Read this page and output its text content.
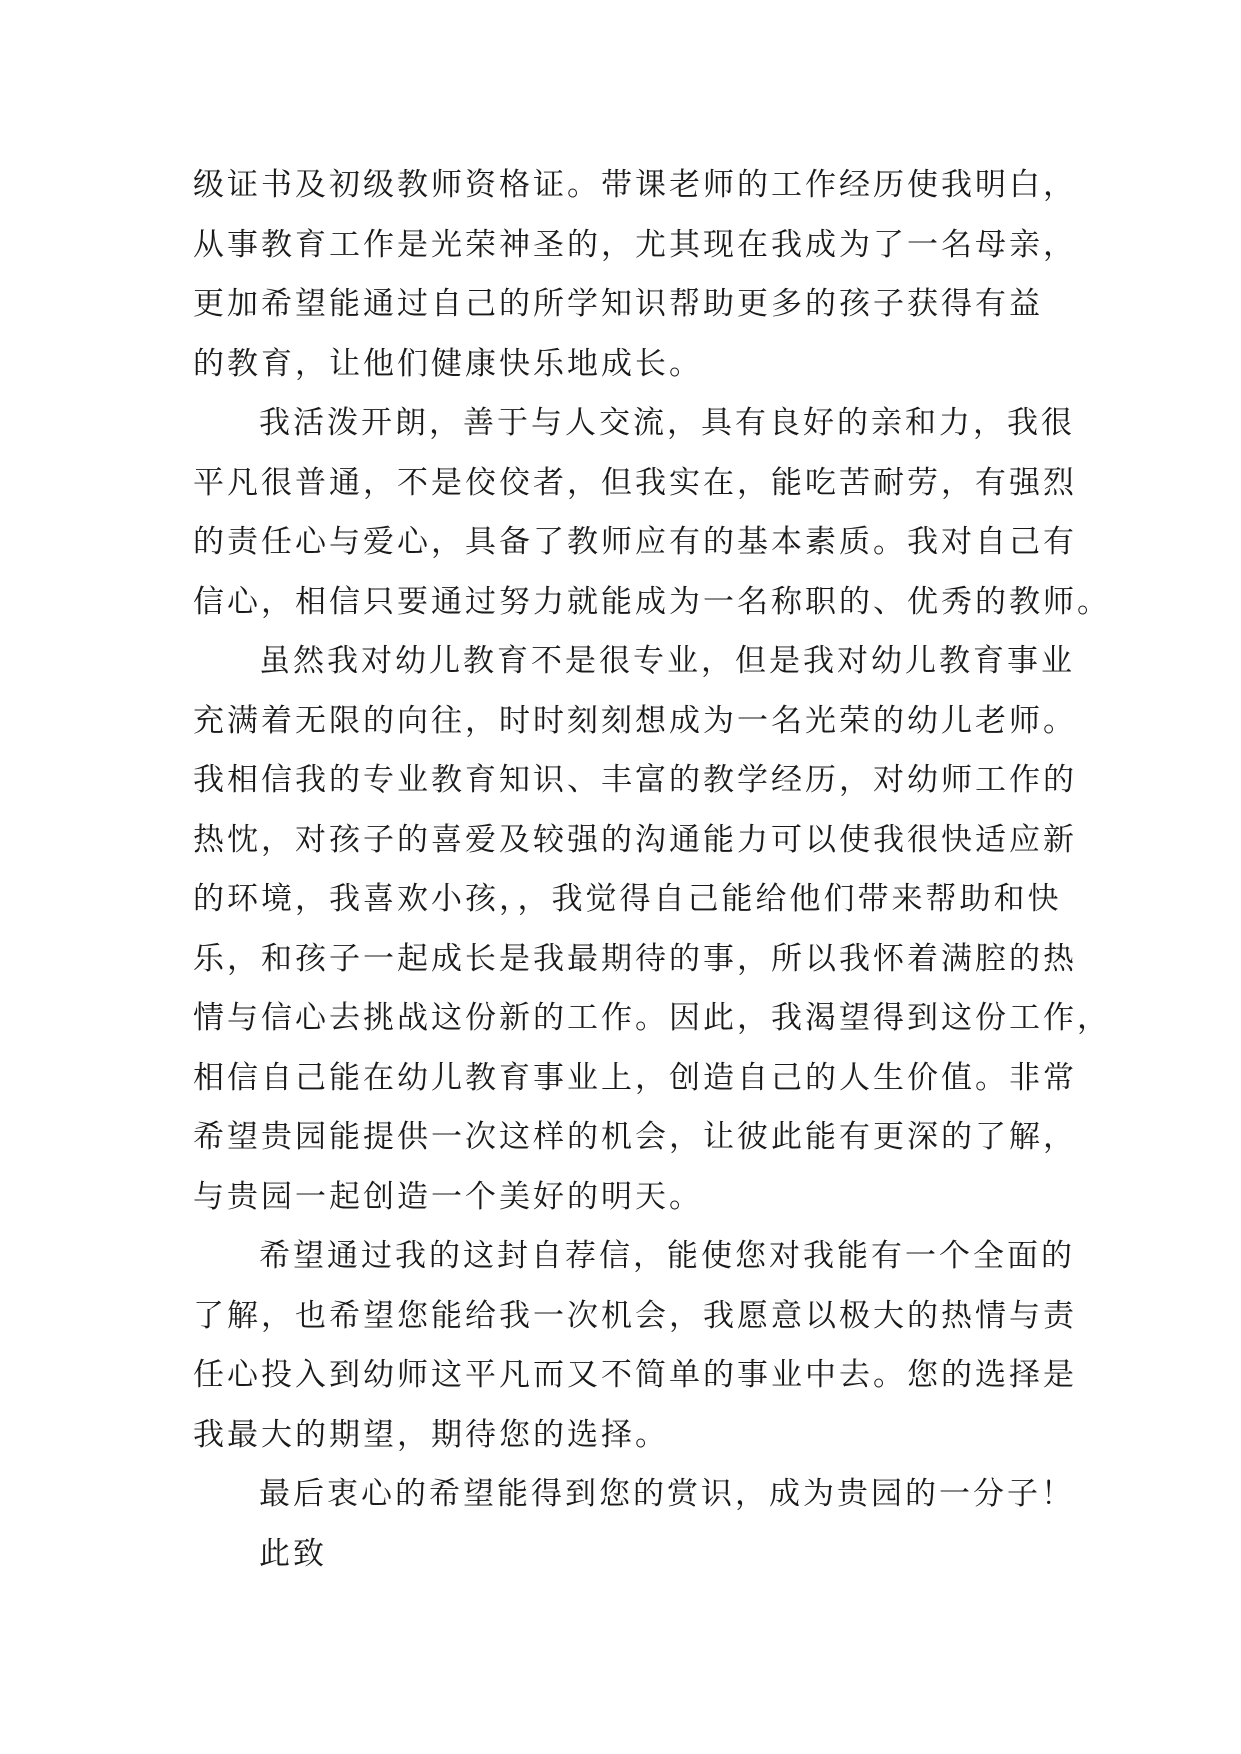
级证书及初级教师资格证。带课老师的工作经历使我明白，
从事教育工作是光荣神圣的，尤其现在我成为了一名母亲，
更加希望能通过自己的所学知识帮助更多的孩子获得有益
的教育，让他们健康快乐地成长。
我活泼开朗，善于与人交流，具有良好的亲和力，我很
平凡很普通，不是佼佼者，但我实在，能吃苦耐劳，有强烈
的责任心与爱心，具备了教师应有的基本素质。我对自己有
信心，相信只要通过努力就能成为一名称职的、优秀的教师。
虽然我对幼儿教育不是很专业，但是我对幼儿教育事业
充满着无限的向往，时时刻刻想成为一名光荣的幼儿老师。
我相信我的专业教育知识、丰富的教学经历，对幼师工作的
热忱，对孩子的喜爱及较强的沟通能力可以使我很快适应新
的环境，我喜欢小孩，，我觉得自己能给他们带来帮助和快
乐，和孩子一起成长是我最期待的事，所以我怀着满腔的热
情与信心去挑战这份新的工作。因此，我渴望得到这份工作，
相信自己能在幼儿教育事业上，创造自己的人生价值。非常
希望贵园能提供一次这样的机会，让彼此能有更深的了解，
与贵园一起创造一个美好的明天。
希望通过我的这封自荐信，能使您对我能有一个全面的
了解，也希望您能给我一次机会，我愿意以极大的热情与责
任心投入到幼师这平凡而又不简单的事业中去。您的选择是
我最大的期望，期待您的选择。
最后衷心的希望能得到您的赏识，成为贵园的一分子！
此致
